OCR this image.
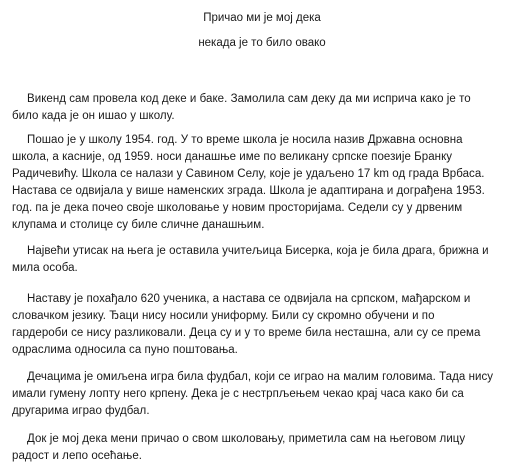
Причао ми је мој дека
некада је то било овако
Викенд сам провела код деке и баке. Замолила сам деку да ми исприча како је то
било када је он ишао у школу.
Пошао је у школу 1954. год. У то време школа је носила назив Државна основна
школа, а касније, од 1959. носи данашње име по великану српске поезије Бранку
Радичевићу. Школа се налази у Савином Селу, које је удаљено 17 km од града Врбаса.
Настава се одвијала у више наменских зграда. Школа је адаптирана и дограђена 1953.
год. па је дека почео своје школовање у новим просторијама. Седели су у дрвеним
клупама и столице су биле сличне данашњим.
Највећи утисак на њега је оставила учитељица Бисерка, која је била драга, брижна и
мила особа.
Наставу је похађало 620 ученика, а настава се одвијала на српском, мађарском и
словачком језику. Ђаци нису носили униформу. Били су скромно обучени и по
гардероби се нису разликовали. Деца су и у то време била несташна, али су се према
одраслима односила са пуно поштовања.
Дечацима је омиљена игра била фудбал, који се играо на малим головима. Тада нису
имали гумену лопту него крпену. Дека је с нестрпљењем чекао крај часа како би са
другарима играо фудбал.
Док је мој дека мени причао о свом школовању, приметила сам на његовом лицу
радост и лепо осећање.
